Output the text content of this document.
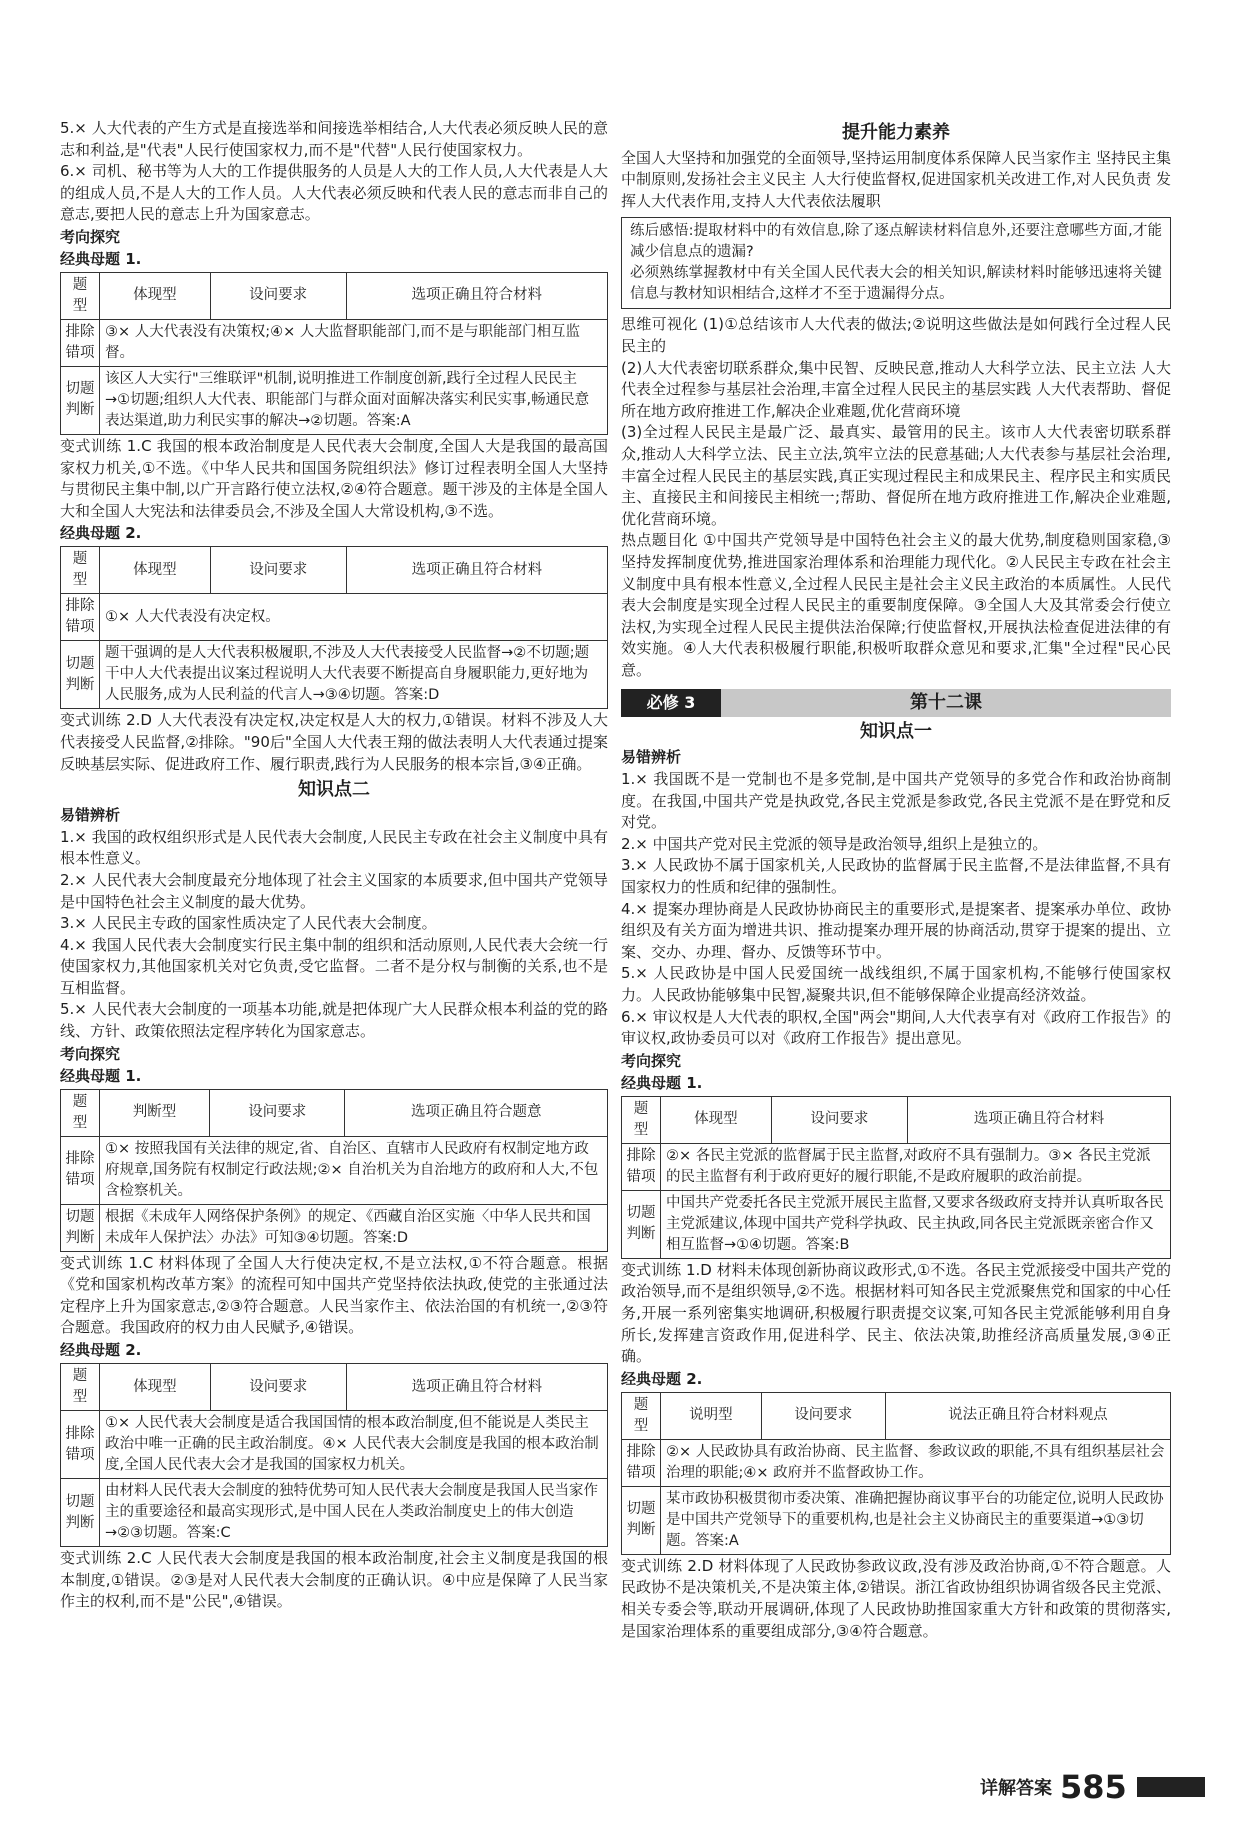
5.× 人大代表的产生方式是直接选举和间接选举相结合,人大代表必须反映人民的意志和利益,是"代表"人民行使国家权力,而不是"代替"人民行使国家权力。

6.× 司机、秘书等为人大的工作提供服务的人员是人大的工作人员,人大代表是人大的组成人员,不是人大的工作人员。人大代表必须反映和代表人民的意志而非自己的意志,要把人民的意志上升为国家意志。

考向探究
经典母题 1.
题型	体现型	设问要求	选项正确且符合材料
排除错项	③× 人大代表没有决策权;④× 人大监督职能部门,而不是与职能部门相互监督。		
切题判断	该区人大实行"三维联评"机制,说明推进工作制度创新,践行全过程人民民主→①切题;组织人大代表、职能部门与群众面对面解决落实利民实事,畅通民意表达渠道,助力利民实事的解决→②切题。答案:A		

变式训练 1.C 我国的根本政治制度是人民代表大会制度,全国人大是我国的最高国家权力机关,①不选。《中华人民共和国国务院组织法》修订过程表明全国人大坚持与贯彻民主集中制,以广开言路行使立法权,②④符合题意。题干涉及的主体是全国人大和全国人大宪法和法律委员会,不涉及全国人大常设机构,③不选。

经典母题 2.
题型	体现型	设问要求	选项正确且符合材料
排除错项	①× 人大代表没有决定权。		
切题判断	题干强调的是人大代表积极履职,不涉及人大代表接受人民监督→②不切题;题干中人大代表提出议案过程说明人大代表要不断提高自身履职能力,更好地为人民服务,成为人民利益的代言人→③④切题。答案:D		

变式训练 2.D 人大代表没有决定权,决定权是人大的权力,①错误。材料不涉及人大代表接受人民监督,②排除。"90后"全国人大代表王翔的做法表明人大代表通过提案反映基层实际、促进政府工作、履行职责,践行为人民服务的根本宗旨,③④正确。

知识点二
易错辨析

1.× 我国的政权组织形式是人民代表大会制度,人民民主专政在社会主义制度中具有根本性意义。

2.× 人民代表大会制度最充分地体现了社会主义国家的本质要求,但中国共产党领导是中国特色社会主义制度的最大优势。

3.× 人民民主专政的国家性质决定了人民代表大会制度。

4.× 我国人民代表大会制度实行民主集中制的组织和活动原则,人民代表大会统一行使国家权力,其他国家机关对它负责,受它监督。二者不是分权与制衡的关系,也不是互相监督。

5.× 人民代表大会制度的一项基本功能,就是把体现广大人民群众根本利益的党的路线、方针、政策依照法定程序转化为国家意志。

考向探究
经典母题 1.
题型	判断型	设问要求	选项正确且符合题意
排除错项	①× 按照我国有关法律的规定,省、自治区、直辖市人民政府有权制定地方政府规章,国务院有权制定行政法规;②× 自治机关为自治地方的政府和人大,不包含检察机关。		
切题判断	根据《未成年人网络保护条例》的规定、《西藏自治区实施〈中华人民共和国未成年人保护法〉办法》可知③④切题。答案:D		

变式训练 1.C 材料体现了全国人大行使决定权,不是立法权,①不符合题意。根据《党和国家机构改革方案》的流程可知中国共产党坚持依法执政,使党的主张通过法定程序上升为国家意志,②③符合题意。人民当家作主、依法治国的有机统一,②③符合题意。我国政府的权力由人民赋予,④错误。

经典母题 2.
题型	体现型	设问要求	选项正确且符合材料
排除错项	①× 人民代表大会制度是适合我国国情的根本政治制度,但不能说是人类民主政治中唯一正确的民主政治制度。④× 人民代表大会制度是我国的根本政治制度,全国人民代表大会才是我国的国家权力机关。		
切题判断	由材料人民代表大会制度的独特优势可知人民代表大会制度是我国人民当家作主的重要途径和最高实现形式,是中国人民在人类政治制度史上的伟大创造→②③切题。答案:C		

变式训练 2.C 人民代表大会制度是我国的根本政治制度,社会主义制度是我国的根本制度,①错误。②③是对人民代表大会制度的正确认识。④中应是保障了人民当家作主的权利,而不是"公民",④错误。

提升能力素养

全国人大坚持和加强党的全面领导,坚持运用制度体系保障人民当家作主 坚持民主集中制原则,发扬社会主义民主 人大行使监督权,促进国家机关改进工作,对人民负责 发挥人大代表作用,支持人大代表依法履职

练后感悟:提取材料中的有效信息,除了逐点解读材料信息外,还要注意哪些方面,才能减少信息点的遗漏?

必须熟练掌握教材中有关全国人民代表大会的相关知识,解读材料时能够迅速将关键信息与教材知识相结合,这样才不至于遗漏得分点。

思维可视化 (1)①总结该市人大代表的做法;②说明这些做法是如何践行全过程人民民主的

(2)人大代表密切联系群众,集中民智、反映民意,推动人大科学立法、民主立法 人大代表全过程参与基层社会治理,丰富全过程人民民主的基层实践 人大代表帮助、督促所在地方政府推进工作,解决企业难题,优化营商环境

(3)全过程人民民主是最广泛、最真实、最管用的民主。该市人大代表密切联系群众,推动人大科学立法、民主立法,筑牢立法的民意基础;人大代表参与基层社会治理,丰富全过程人民民主的基层实践,真正实现过程民主和成果民主、程序民主和实质民主、直接民主和间接民主相统一;帮助、督促所在地方政府推进工作,解决企业难题,优化营商环境。

热点题目化 ①中国共产党领导是中国特色社会主义的最大优势,制度稳则国家稳,③坚持发挥制度优势,推进国家治理体系和治理能力现代化。②人民民主专政在社会主义制度中具有根本性意义,全过程人民民主是社会主义民主政治的本质属性。人民代表大会制度是实现全过程人民民主的重要制度保障。③全国人大及其常委会行使立法权,为实现全过程人民民主提供法治保障;行使监督权,开展执法检查促进法律的有效实施。④人大代表积极履行职能,积极听取群众意见和要求,汇集"全过程"民心民意。

必修 3	第十二课
知识点一
易错辨析

1.× 我国既不是一党制也不是多党制,是中国共产党领导的多党合作和政治协商制度。在我国,中国共产党是执政党,各民主党派是参政党,各民主党派不是在野党和反对党。

2.× 中国共产党对民主党派的领导是政治领导,组织上是独立的。

3.× 人民政协不属于国家机关,人民政协的监督属于民主监督,不是法律监督,不具有国家权力的性质和纪律的强制性。

4.× 提案办理协商是人民政协协商民主的重要形式,是提案者、提案承办单位、政协组织及有关方面为增进共识、推动提案办理开展的协商活动,贯穿于提案的提出、立案、交办、办理、督办、反馈等环节中。

5.× 人民政协是中国人民爱国统一战线组织,不属于国家机构,不能够行使国家权力。人民政协能够集中民智,凝聚共识,但不能够保障企业提高经济效益。

6.× 审议权是人大代表的职权,全国"两会"期间,人大代表享有对《政府工作报告》的审议权,政协委员可以对《政府工作报告》提出意见。

考向探究
经典母题 1.
题型	体现型	设问要求	选项正确且符合材料
排除错项	②× 各民主党派的监督属于民主监督,对政府不具有强制力。③× 各民主党派的民主监督有利于政府更好的履行职能,不是政府履职的政治前提。		
切题判断	中国共产党委托各民主党派开展民主监督,又要求各级政府支持并认真听取各民主党派建议,体现中国共产党科学执政、民主执政,同各民主党派既亲密合作又相互监督→①④切题。答案:B		

变式训练 1.D 材料未体现创新协商议政形式,①不选。各民主党派接受中国共产党的政治领导,而不是组织领导,②不选。根据材料可知各民主党派聚焦党和国家的中心任务,开展一系列密集实地调研,积极履行职责提交议案,可知各民主党派能够利用自身所长,发挥建言资政作用,促进科学、民主、依法决策,助推经济高质量发展,③④正确。

经典母题 2.
题型	说明型	设问要求	说法正确且符合材料观点
排除错项	②× 人民政协具有政治协商、民主监督、参政议政的职能,不具有组织基层社会治理的职能;④× 政府并不监督政协工作。		
切题判断	某市政协积极贯彻市委决策、准确把握协商议事平台的功能定位,说明人民政协是中国共产党领导下的重要机构,也是社会主义协商民主的重要渠道→①③切题。答案:A		

变式训练 2.D 材料体现了人民政协参政议政,没有涉及政治协商,①不符合题意。人民政协不是决策机关,不是决策主体,②错误。浙江省政协组织协调省级各民主党派、相关专委会等,联动开展调研,体现了人民政协助推国家重大方针和政策的贯彻落实,是国家治理体系的重要组成部分,③④符合题意。

详解答案 585
